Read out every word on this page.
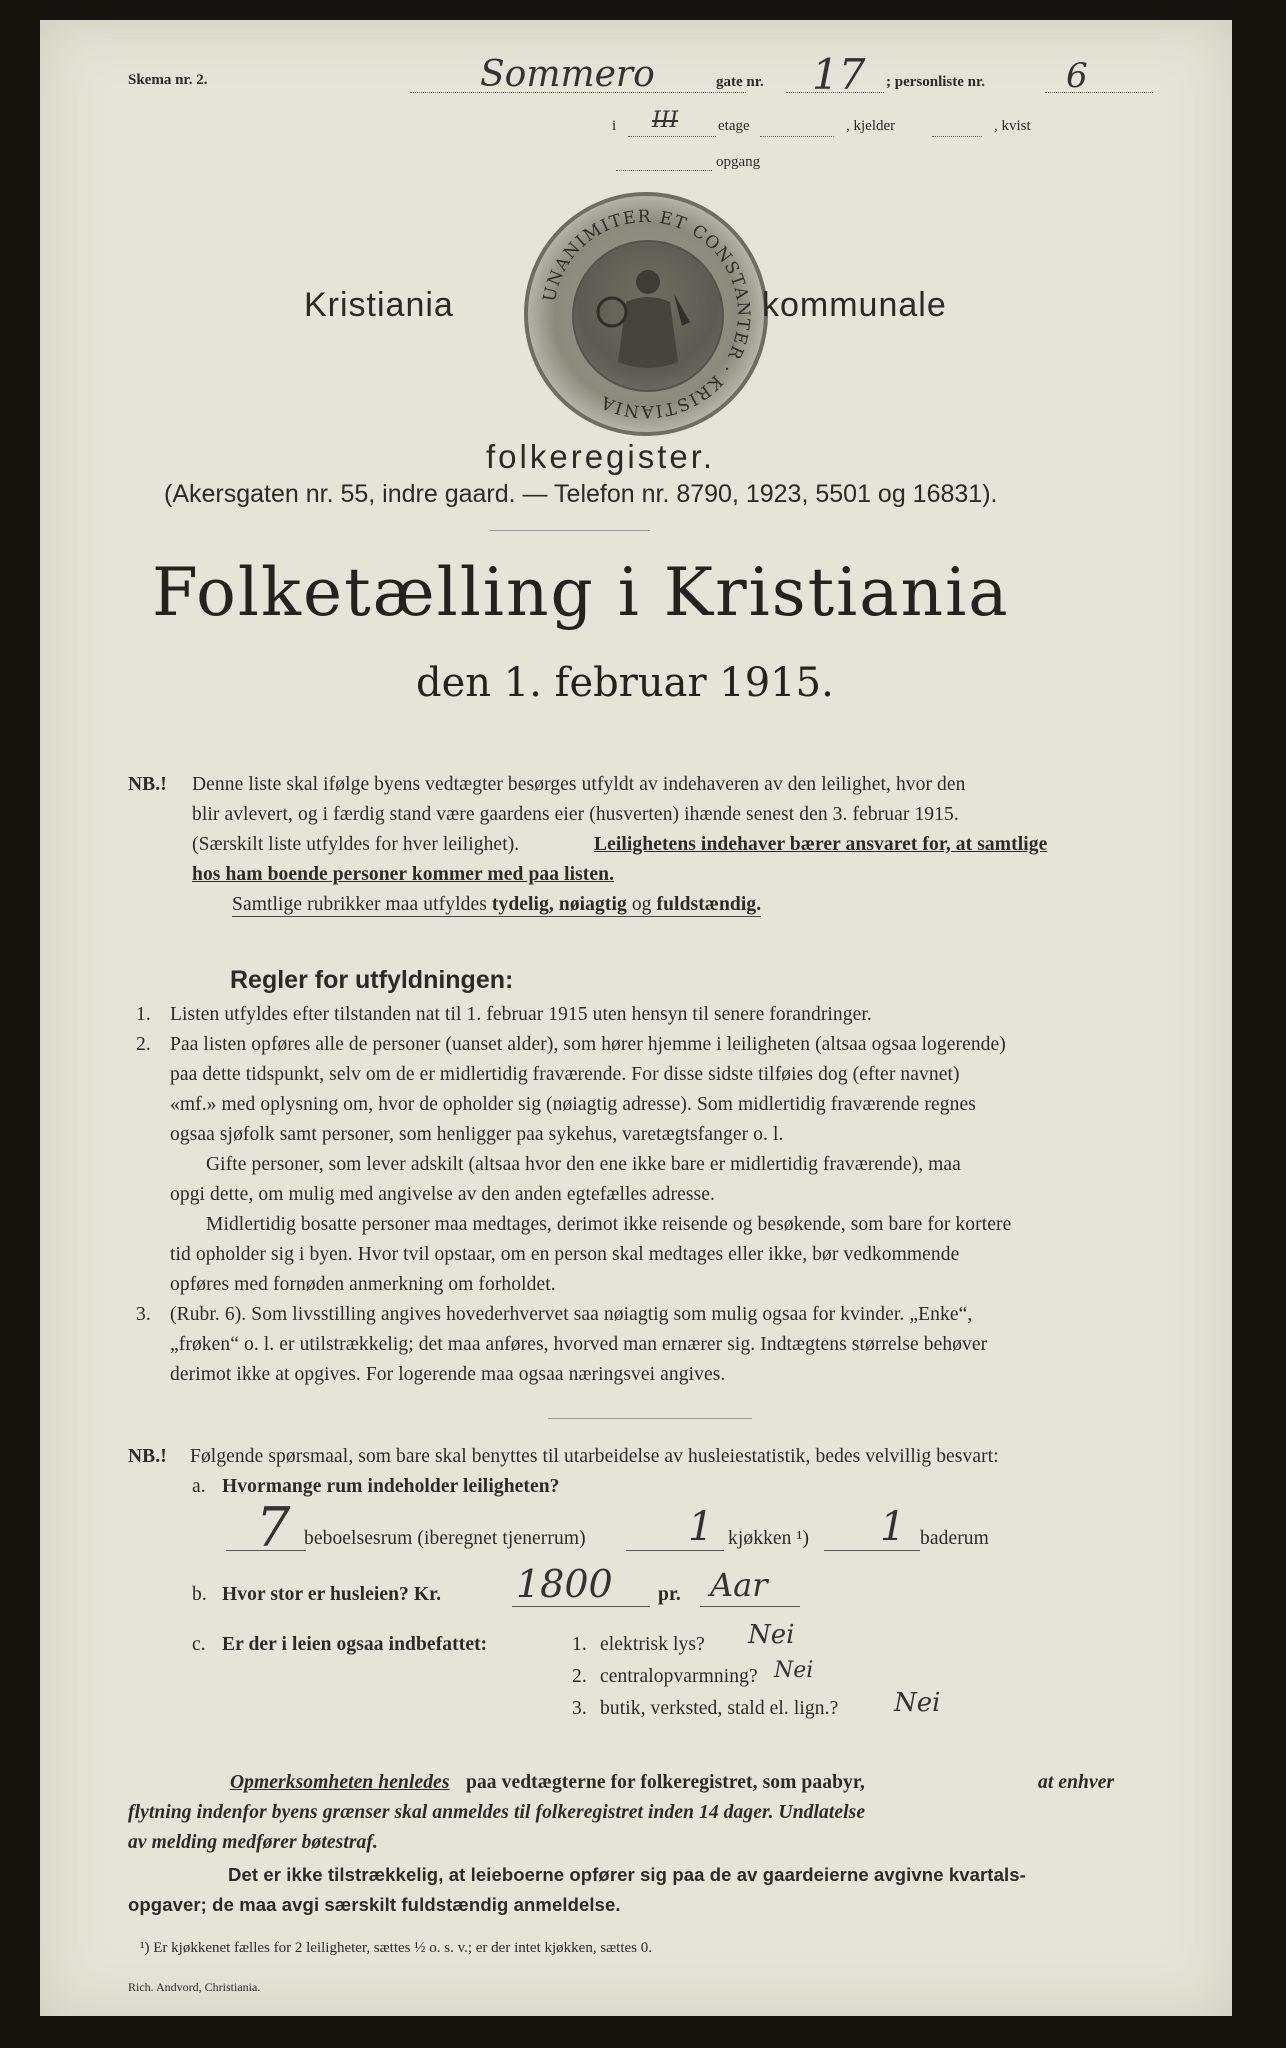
Skema nr. 2.	Sommero	gate nr. 17 ; personliste nr. 6
i III	etage	, kjelder	, kvist
opgang
Kristiania	UNANIMITER ET CONSTANTER · KRISTIANIA
kommunale
folkeregister.
(Akersgaten nr. 55, indre gaard. — Telefon nr. 8790, 1923, 5501 og 16831).
Folketælling i Kristiania
den 1. februar 1915.
NB.! Denne liste skal ifølge byens vedtægter besørges utfyldt av indehaveren av den leilighet, hvor den
blir avlevert, og i færdig stand være gaardens eier (husverten) ihænde senest den 3. februar 1915.
(Særskilt liste utfyldes for hver leilighet).	Leilighetens indehaver bærer ansvaret for, at samtlige
hos ham boende personer kommer med paa listen.
Samtlige rubrikker maa utfyldes tydelig, nøiagtig og fuldstændig.
Regler for utfyldningen:
1. Listen utfyldes efter tilstanden nat til 1. februar 1915 uten hensyn til senere forandringer.
2. Paa listen opføres alle de personer (uanset alder), som hører hjemme i leiligheten (altsaa ogsaa logerende)
paa dette tidspunkt, selv om de er midlertidig fraværende. For disse sidste tilføies dog (efter navnet)
«mf.» med oplysning om, hvor de opholder sig (nøiagtig adresse). Som midlertidig fraværende regnes
ogsaa sjøfolk samt personer, som henligger paa sykehus, varetægtsfanger o. l.
Gifte personer, som lever adskilt (altsaa hvor den ene ikke bare er midlertidig fraværende), maa
opgi dette, om mulig med angivelse av den anden egtefælles adresse.
Midlertidig bosatte personer maa medtages, derimot ikke reisende og besøkende, som bare for kortere
tid opholder sig i byen. Hvor tvil opstaar, om en person skal medtages eller ikke, bør vedkommende
opføres med fornøden anmerkning om forholdet.
3. (Rubr. 6). Som livsstilling angives hovederhvervet saa nøiagtig som mulig ogsaa for kvinder. „Enke“,
„frøken“ o. l. er utilstrækkelig; det maa anføres, hvorved man ernærer sig. Indtægtens størrelse behøver
derimot ikke at opgives. For logerende maa ogsaa næringsvei angives.
NB.! Følgende spørsmaal, som bare skal benyttes til utarbeidelse av husleiestatistik, bedes velvillig besvart:
a. Hvormange rum indeholder leiligheten?
7 beboelsesrum (iberegnet tjenerrum)	1 kjøkken ¹) 1 baderum
b. Hvor stor er husleien? Kr. 1800 pr. Aar
c. Er der i leien ogsaa indbefattet:	1. elektrisk lys? Nei
2. centralopvarmning? Nei
3. butik, verksted, stald el. lign.? Nei
Opmerksomheten henledes paa vedtægterne for folkeregistret, som paabyr,	at enhver
flytning indenfor byens grænser skal anmeldes til folkeregistret inden 14 dager. Undlatelse
av melding medfører bøtestraf.
Det er ikke tilstrækkelig, at leieboerne opfører sig paa de av gaardeierne avgivne kvartals-
opgaver; de maa avgi særskilt fuldstændig anmeldelse.
¹) Er kjøkkenet fælles for 2 leiligheter, sættes ½ o. s. v.; er der intet kjøkken, sættes 0.
Rich. Andvord, Christiania.
